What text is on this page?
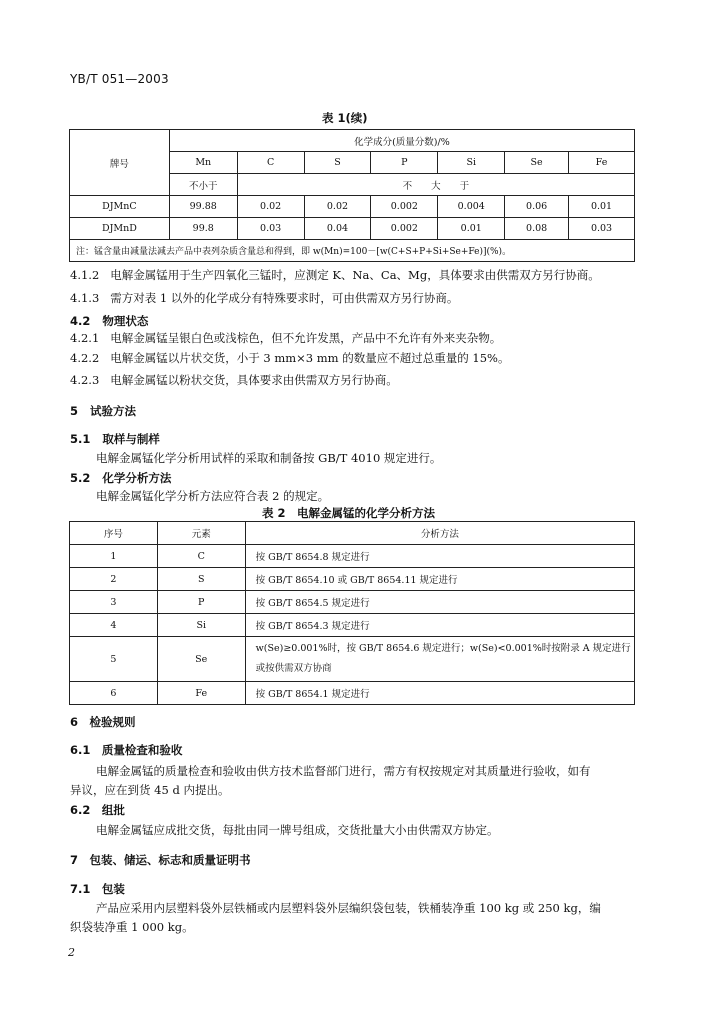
YB/T 051—2003
表 1(续)
牌号	化学成分(质量分数)/%						
	Mn	C	S	P	Si	Se	Fe
	不小于	不　　大　　于					
DJMnC	99.88	0.02	0.02	0.002	0.004	0.06	0.01
DJMnD	99.8	0.03	0.04	0.002	0.01	0.08	0.03
注：锰含量由减量法减去产品中表列杂质含量总和得到，即 w(Mn)=100－[w(C+S+P+Si+Se+Fe)](%)。							
4.1.2 电解金属锰用于生产四氧化三锰时，应测定 K、Na、Ca、Mg，具体要求由供需双方另行协商。
4.1.3 需方对表 1 以外的化学成分有特殊要求时，可由供需双方另行协商。
4.2 物理状态
4.2.1 电解金属锰呈银白色或浅棕色，但不允许发黑，产品中不允许有外来夹杂物。
4.2.2 电解金属锰以片状交货，小于 3 mm×3 mm 的数量应不超过总重量的 15%。
4.2.3 电解金属锰以粉状交货，具体要求由供需双方另行协商。
5 试验方法
5.1 取样与制样
电解金属锰化学分析用试样的采取和制备按 GB/T 4010 规定进行。
5.2 化学分析方法
电解金属锰化学分析方法应符合表 2 的规定。
表 2　电解金属锰的化学分析方法
序号	元素	分析方法
1	C	按 GB/T 8654.8 规定进行
2	S	按 GB/T 8654.10 或 GB/T 8654.11 规定进行
3	P	按 GB/T 8654.5 规定进行
4	Si	按 GB/T 8654.3 规定进行
5	Se	w(Se)≥0.001%时，按 GB/T 8654.6 规定进行；w(Se)<0.001%时按附录 A 规定进行或按供需双方协商
6	Fe	按 GB/T 8654.1 规定进行
6　检验规则
6.1　质量检查和验收
电解金属锰的质量检查和验收由供方技术监督部门进行，需方有权按规定对其质量进行验收，如有
异议，应在到货 45 d 内提出。
6.2　组批
电解金属锰应成批交货，每批由同一牌号组成，交货批量大小由供需双方协定。
7　包装、储运、标志和质量证明书
7.1　包装
产品应采用内层塑料袋外层铁桶或内层塑料袋外层编织袋包装，铁桶装净重 100 kg 或 250 kg，编
织袋装净重 1 000 kg。
2
